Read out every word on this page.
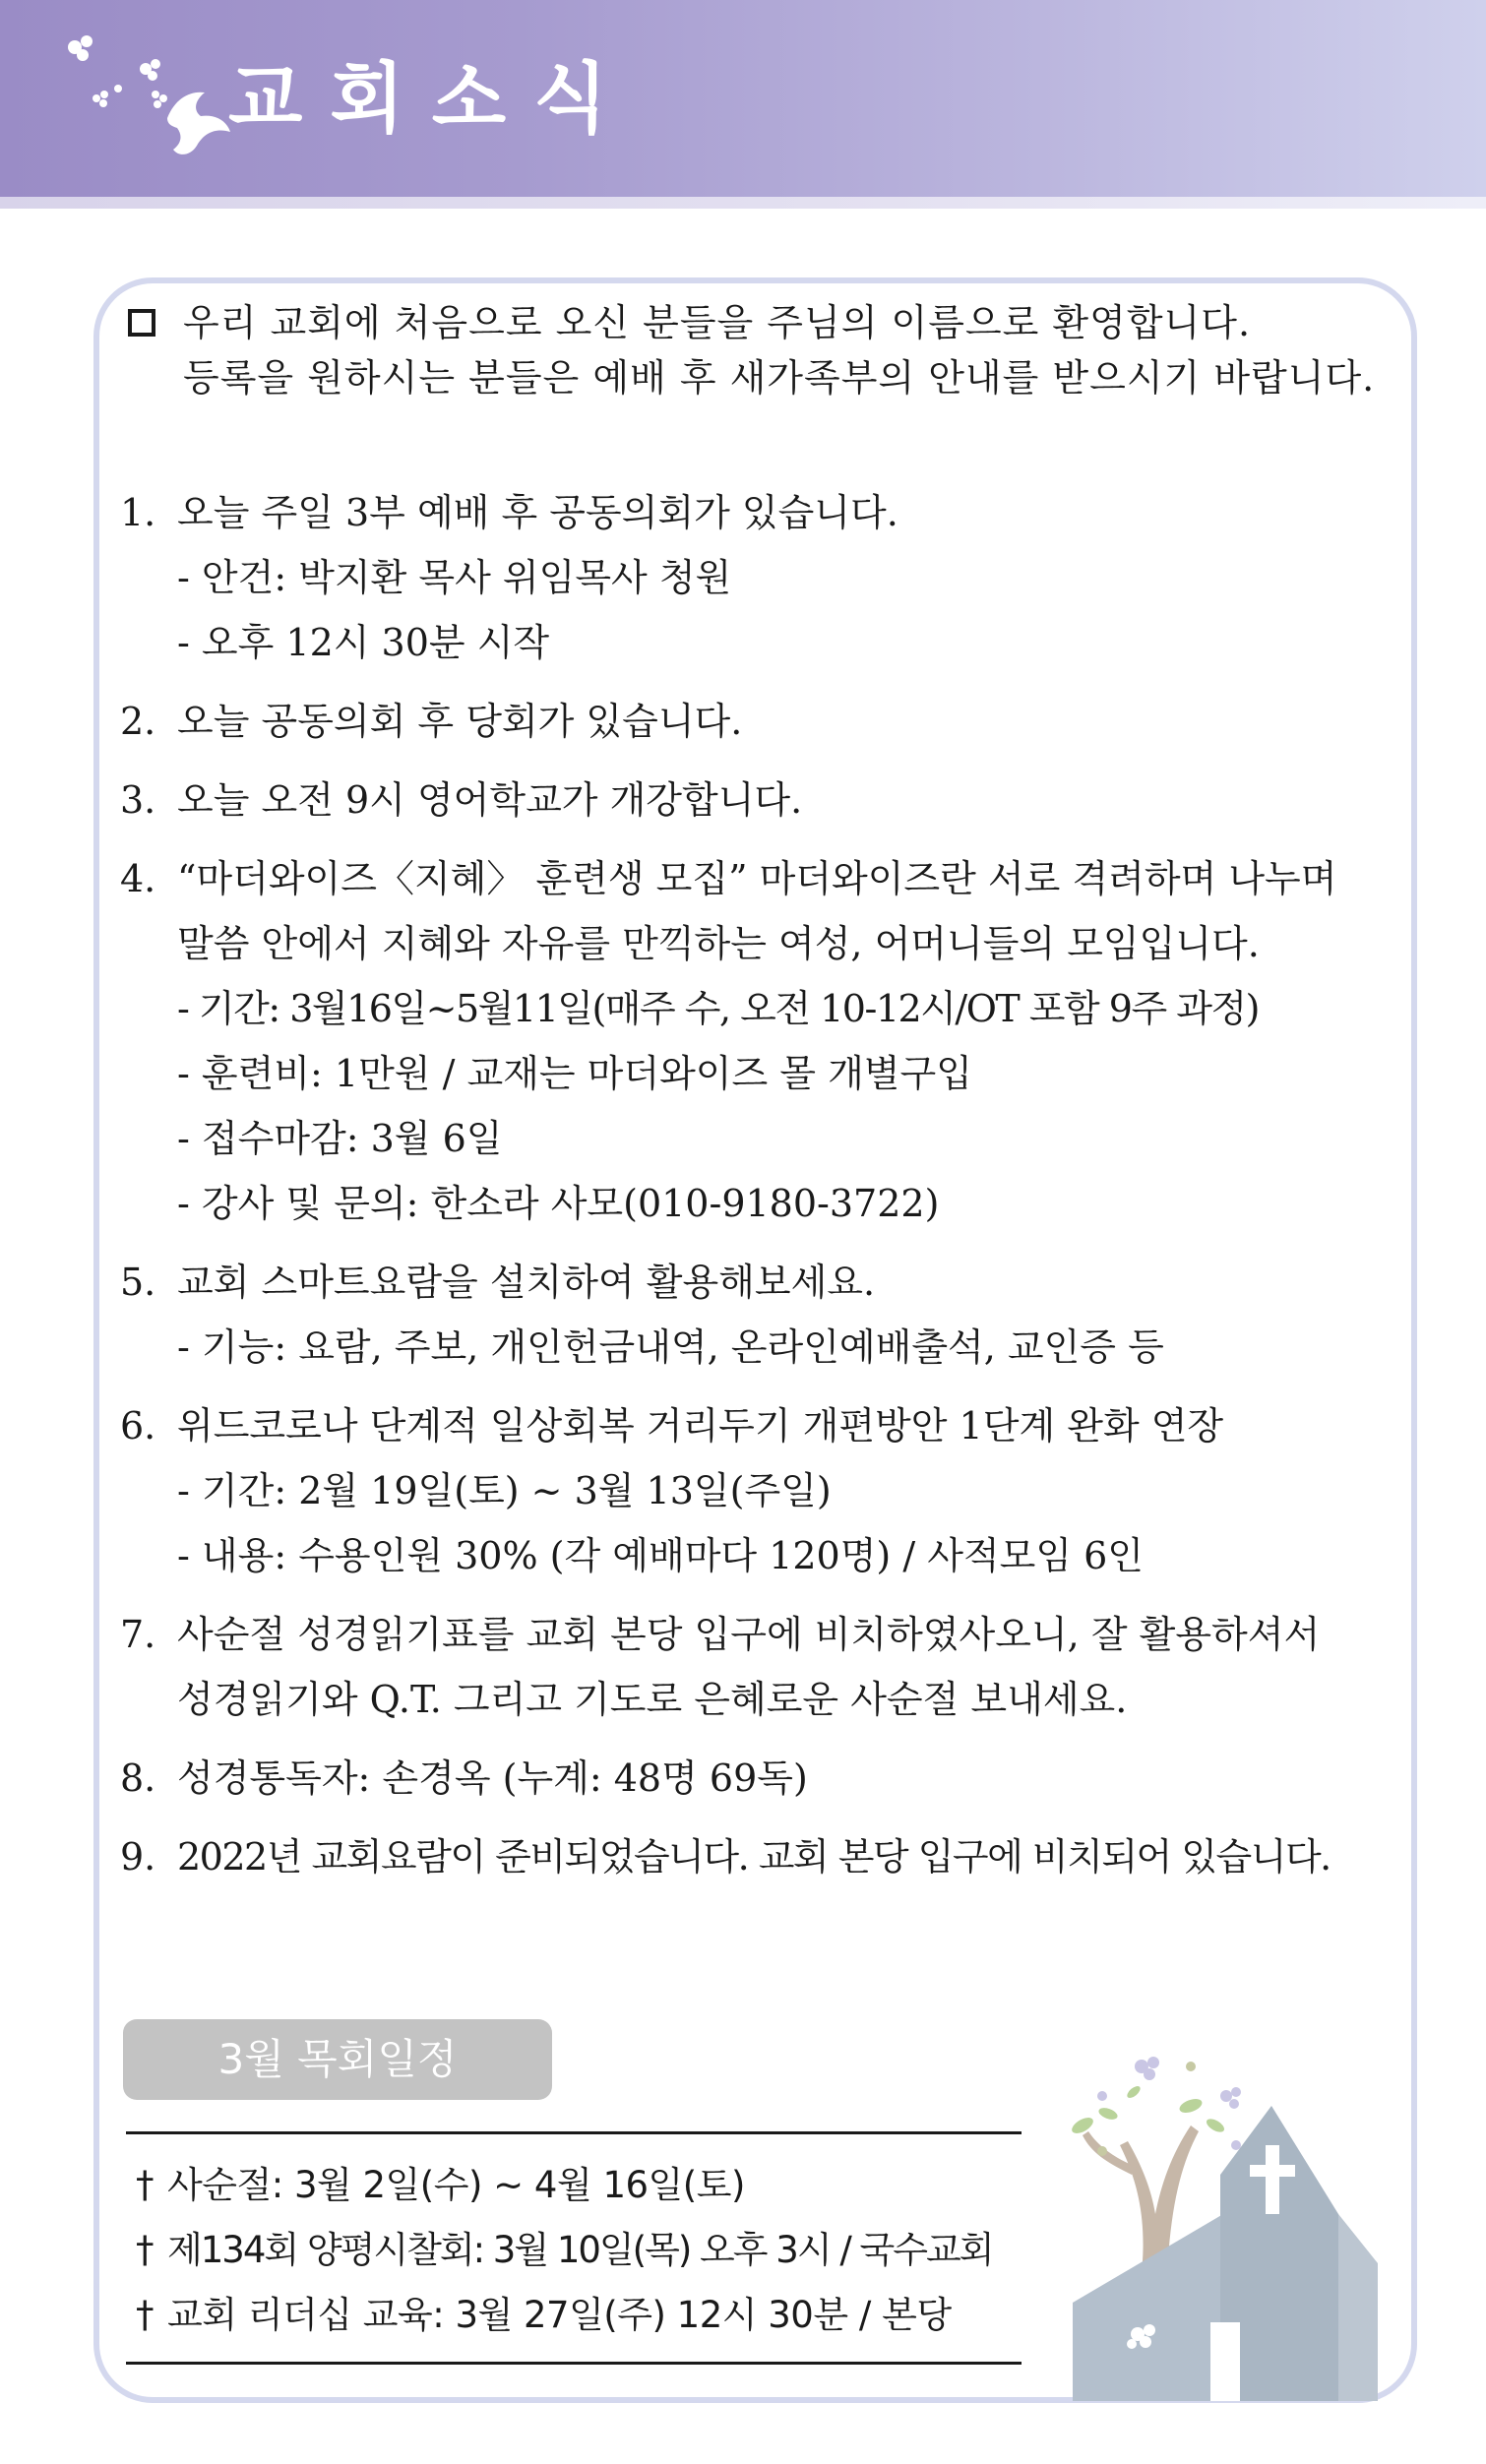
교회소식
우리 교회에 처음으로 오신 분들을 주님의 이름으로 환영합니다.
등록을 원하시는 분들은 예배 후 새가족부의 안내를 받으시기 바랍니다.
1. 오늘 주일 3부 예배 후 공동의회가 있습니다.
- 안건: 박지환 목사 위임목사 청원
- 오후 12시 30분 시작
2. 오늘 공동의회 후 당회가 있습니다.
3. 오늘 오전 9시 영어학교가 개강합니다.
4. “마더와이즈〈지혜〉 훈련생 모집” 마더와이즈란 서로 격려하며 나누며
말씀 안에서 지혜와 자유를 만끽하는 여성, 어머니들의 모임입니다.
- 기간: 3월16일~5월11일(매주 수, 오전 10-12시/OT 포함 9주 과정)
- 훈련비: 1만원 / 교재는 마더와이즈 몰 개별구입
- 접수마감: 3월 6일
- 강사 및 문의: 한소라 사모(010-9180-3722)
5. 교회 스마트요람을 설치하여 활용해보세요.
- 기능: 요람, 주보, 개인헌금내역, 온라인예배출석, 교인증 등
6. 위드코로나 단계적 일상회복 거리두기 개편방안 1단계 완화 연장
- 기간: 2월 19일(토) ~ 3월 13일(주일)
- 내용: 수용인원 30% (각 예배마다 120명) / 사적모임 6인
7. 사순절 성경읽기표를 교회 본당 입구에 비치하였사오니, 잘 활용하셔서
성경읽기와 Q.T. 그리고 기도로 은혜로운 사순절 보내세요.
8. 성경통독자: 손경옥 (누계: 48명 69독)
9. 2022년 교회요람이 준비되었습니다. 교회 본당 입구에 비치되어 있습니다.
3월 목회일정
† 사순절: 3월 2일(수) ~ 4월 16일(토)
† 제134회 양평시찰회: 3월 10일(목) 오후 3시 / 국수교회
† 교회 리더십 교육: 3월 27일(주) 12시 30분 / 본당
